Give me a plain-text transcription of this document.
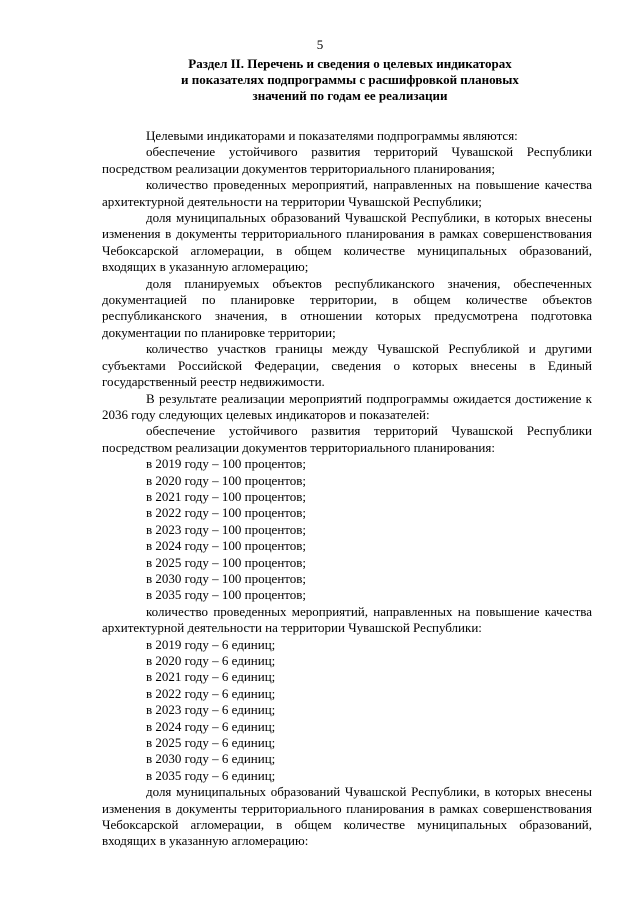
5
Раздел II. Перечень и сведения о целевых индикаторах
и показателях подпрограммы с расшифровкой плановых
значений по годам ее реализации

Целевыми индикаторами и показателями подпрограммы являются:

обеспечение устойчивого развития территорий Чувашской Республики посредством реализации документов территориального планирования;

количество проведенных мероприятий, направленных на повышение качества архитектурной деятельности на территории Чувашской Республики;

доля муниципальных образований Чувашской Республики, в которых внесены изменения в документы территориального планирования в рамках совершенствования Чебоксарской агломерации, в общем количестве муниципальных образований, входящих в указанную агломерацию;

доля планируемых объектов республиканского значения, обеспеченных документацией по планировке территории, в общем количестве объектов республиканского значения, в отношении которых предусмотрена подготовка документации по планировке территории;

количество участков границы между Чувашской Республикой и другими субъектами Российской Федерации, сведения о которых внесены в Единый государственный реестр недвижимости.

В результате реализации мероприятий подпрограммы ожидается достижение к 2036 году следующих целевых индикаторов и показателей:

обеспечение устойчивого развития территорий Чувашской Республики посредством реализации документов территориального планирования:

в 2019 году – 100 процентов;

в 2020 году – 100 процентов;

в 2021 году – 100 процентов;

в 2022 году – 100 процентов;

в 2023 году – 100 процентов;

в 2024 году – 100 процентов;

в 2025 году – 100 процентов;

в 2030 году – 100 процентов;

в 2035 году – 100 процентов;

количество проведенных мероприятий, направленных на повышение качества архитектурной деятельности на территории Чувашской Республики:

в 2019 году – 6 единиц;

в 2020 году – 6 единиц;

в 2021 году – 6 единиц;

в 2022 году – 6 единиц;

в 2023 году – 6 единиц;

в 2024 году – 6 единиц;

в 2025 году – 6 единиц;

в 2030 году – 6 единиц;

в 2035 году – 6 единиц;

доля муниципальных образований Чувашской Республики, в которых внесены изменения в документы территориального планирования в рамках совершенствования Чебоксарской агломерации, в общем количестве муниципальных образований, входящих в указанную агломерацию:
